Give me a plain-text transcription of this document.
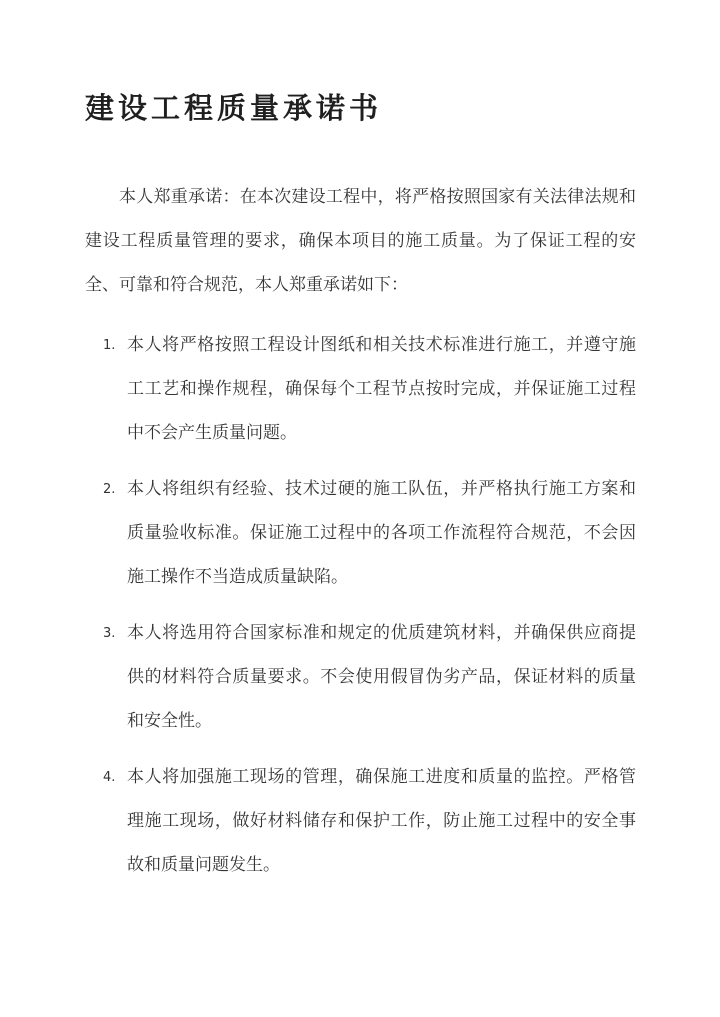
建设工程质量承诺书

本人郑重承诺：在本次建设工程中，将严格按照国家有关法律法规和建设工程质量管理的要求，确保本项目的施工质量。为了保证工程的安全、可靠和符合规范，本人郑重承诺如下：

1. 本人将严格按照工程设计图纸和相关技术标准进行施工，并遵守施工工艺和操作规程，确保每个工程节点按时完成，并保证施工过程中不会产生质量问题。
2. 本人将组织有经验、技术过硬的施工队伍，并严格执行施工方案和质量验收标准。保证施工过程中的各项工作流程符合规范，不会因施工操作不当造成质量缺陷。
3. 本人将选用符合国家标准和规定的优质建筑材料，并确保供应商提供的材料符合质量要求。不会使用假冒伪劣产品，保证材料的质量和安全性。
4. 本人将加强施工现场的管理，确保施工进度和质量的监控。严格管理施工现场，做好材料储存和保护工作，防止施工过程中的安全事故和质量问题发生。
